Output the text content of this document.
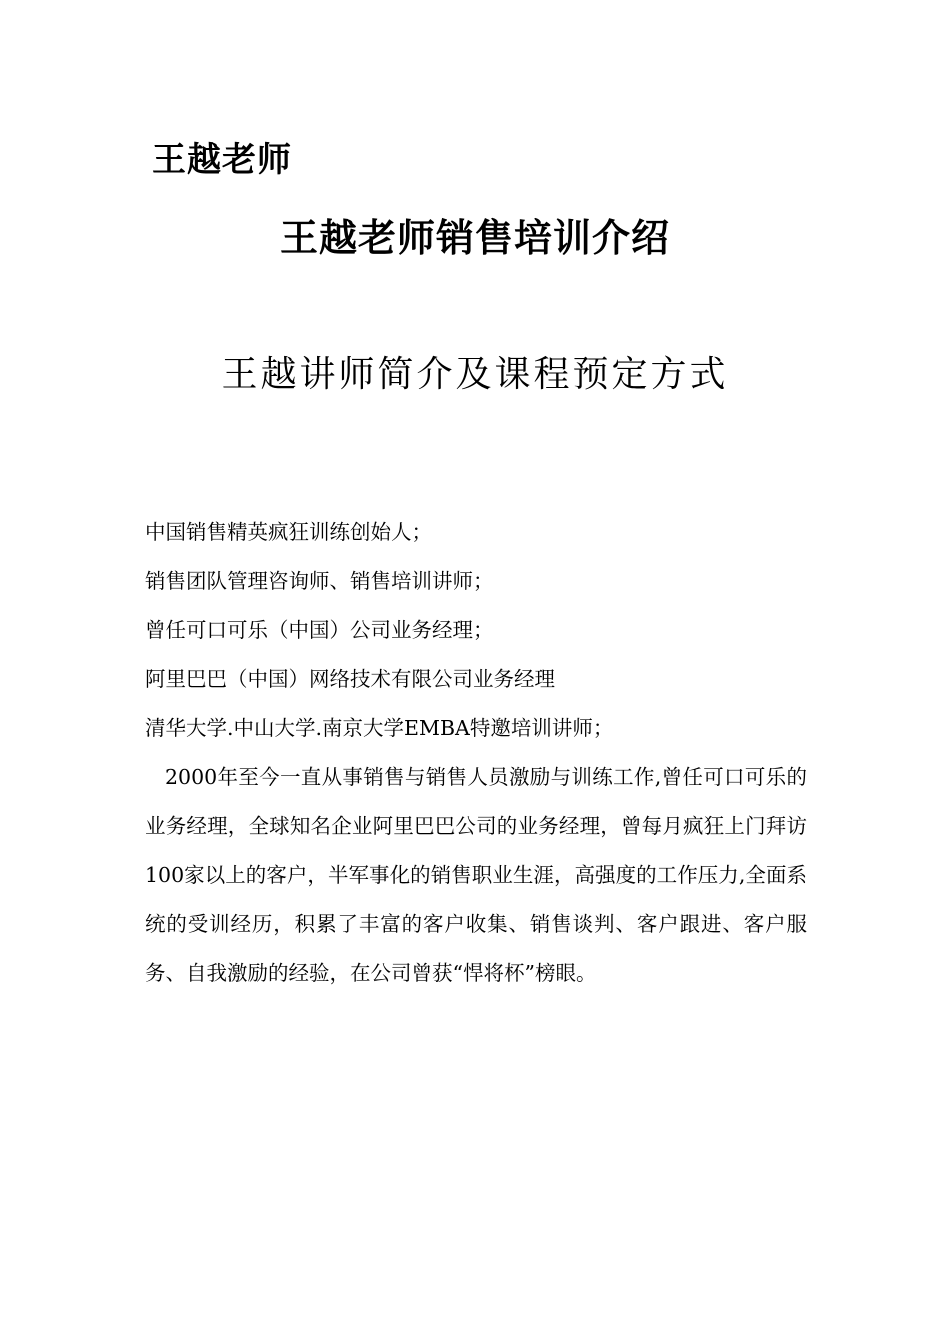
王越老师
王越老师销售培训介绍
王越讲师简介及课程预定方式
中国销售精英疯狂训练创始人；
销售团队管理咨询师、销售培训讲师；
曾任可口可乐（中国）公司业务经理；
阿里巴巴（中国）网络技术有限公司业务经理
清华大学.中山大学.南京大学EMBA特邀培训讲师；
2000年至今一直从事销售与销售人员激励与训练工作,曾任可口可乐的业务经理，全球知名企业阿里巴巴公司的业务经理，曾每月疯狂上门拜访100家以上的客户，半军事化的销售职业生涯，高强度的工作压力,全面系统的受训经历，积累了丰富的客户收集、销售谈判、客户跟进、客户服务、自我激励的经验，在公司曾获“悍将杯”榜眼。
